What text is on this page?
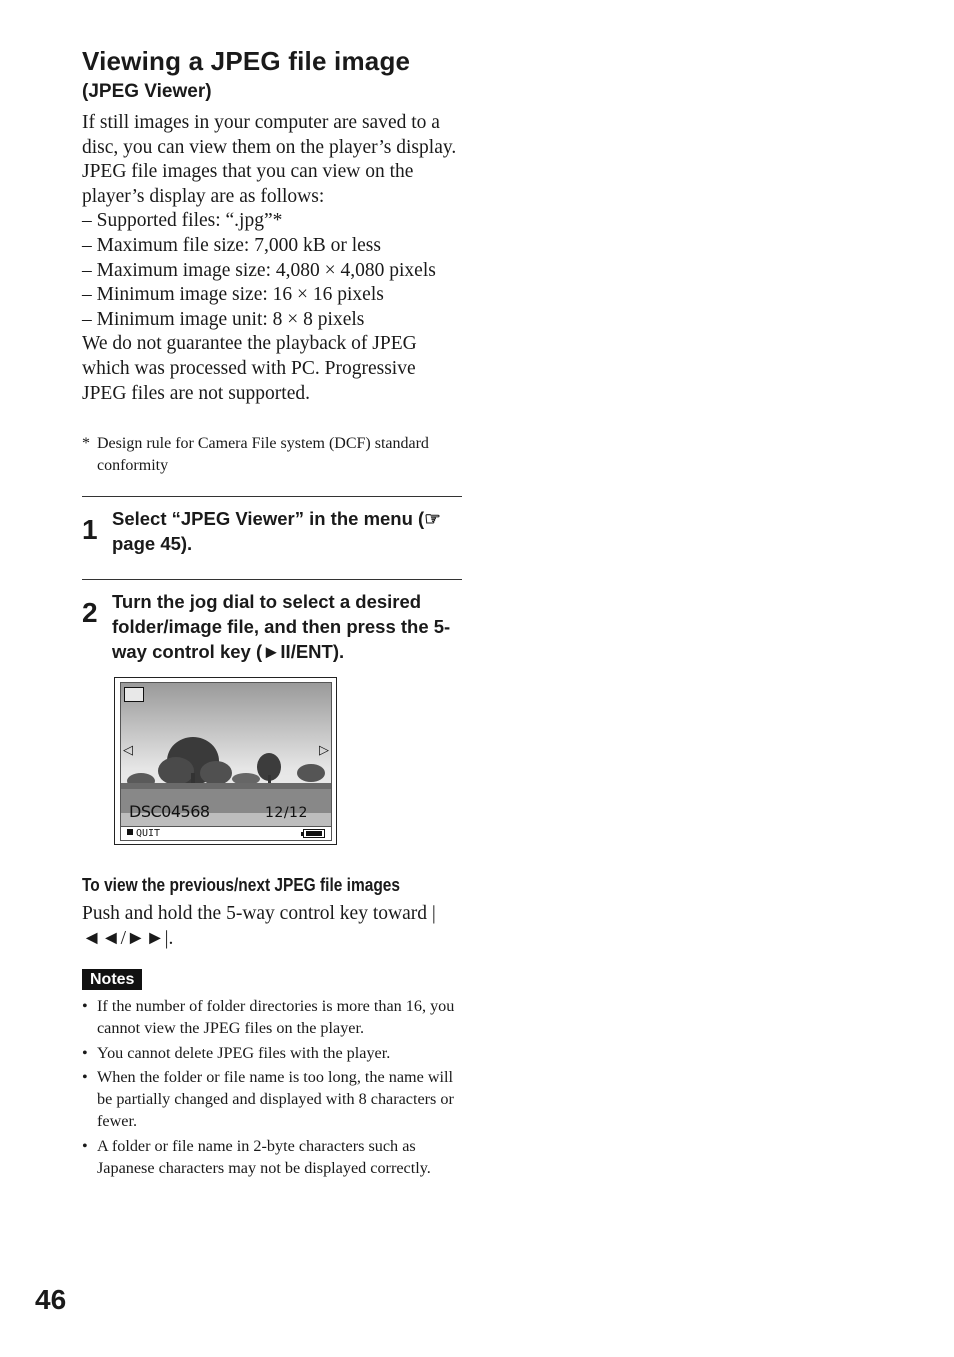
Viewing a JPEG file image
(JPEG Viewer)

If still images in your computer are saved to a disc, you can view them on the player’s display.

JPEG file images that you can view on the player’s display are as follows:

– Supported files: “.jpg”*

– Maximum file size: 7,000 kB or less

– Maximum image size: 4,080 × 4,080 pixels

– Minimum image size: 16 × 16 pixels

– Minimum image unit: 8 × 8 pixels

We do not guarantee the playback of JPEG which was processed with PC. Progressive JPEG files are not supported.

* Design rule for Camera File system (DCF) standard conformity
1 Select “JPEG Viewer” in the menu (☞ page 45).
2 Turn the jog dial to select a desired folder/image file, and then press the 5-way control key (►II/ENT).
◁	▷
DSC04568	12/12
QUIT
To view the previous/next JPEG file images
Push and hold the 5-way control key toward |◄◄/►►|.
Notes
• If the number of folder directories is more than 16, you cannot view the JPEG files on the player.
• You cannot delete JPEG files with the player.
• When the folder or file name is too long, the name will be partially changed and displayed with 8 characters or fewer.
• A folder or file name in 2-byte characters such as Japanese characters may not be displayed correctly.
46
